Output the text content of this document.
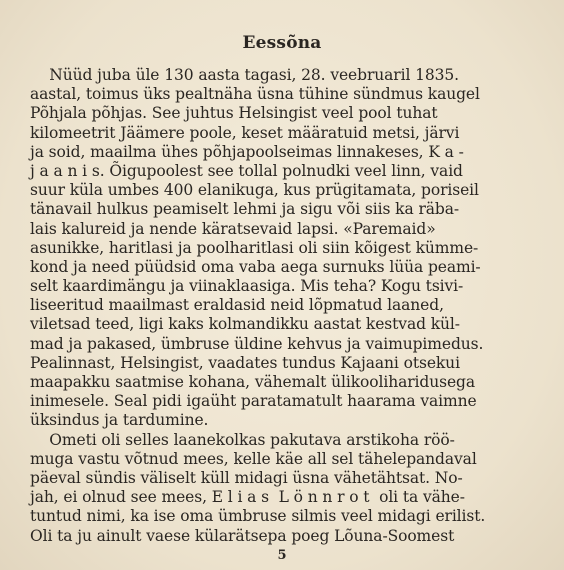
Eessõna
Nüüd juba üle 130 aasta tagasi, 28. veebruaril 1835.
aastal, toimus üks pealtnäha üsna tühine sündmus kaugel
Põhjala põhjas. See juhtus Helsingist veel pool tuhat
kilomeetrit Jäämere poole, keset määratuid metsi, järvi
ja soid, maailma ühes põhjapoolseimas linnakeses, K a -
j a a n i s. Õigupoolest see tollal polnudki veel linn, vaid
suur küla umbes 400 elanikuga, kus prügitamata, poriseil
tänavail hulkus peamiselt lehmi ja sigu või siis ka räba-
lais kalureid ja nende käratsevaid lapsi. «Paremaid»
asunikke, haritlasi ja poolharitlasi oli siin kõigest kümme-
kond ja need püüdsid oma vaba aega surnuks lüüa peami-
selt kaardimängu ja viinaklaasiga. Mis teha? Kogu tsivi-
liseeritud maailmast eraldasid neid lõpmatud laaned,
viletsad teed, ligi kaks kolmandikku aastat kestvad kül-
mad ja pakased, ümbruse üldine kehvus ja vaimupimedus.
Pealinnast, Helsingist, vaadates tundus Kajaani otsekui
maapakku saatmise kohana, vähemalt ülikooliharidusega
inimesele. Seal pidi igaüht paratamatult haarama vaimne
üksindus ja tardumine.
Ometi oli selles laanekolkas pakutava arstikoha röö-
muga vastu võtnud mees, kelle käe all sel tähelepandaval
päeval sündis väliselt küll midagi üsna vähetähtsat. No-
jah, ei olnud see mees, E l i a s  L ö n n r o t  oli ta vähe-
tuntud nimi, ka ise oma ümbruse silmis veel midagi erilist.
Oli ta ju ainult vaese külarätsepa poeg Lõuna-Soomest
5
